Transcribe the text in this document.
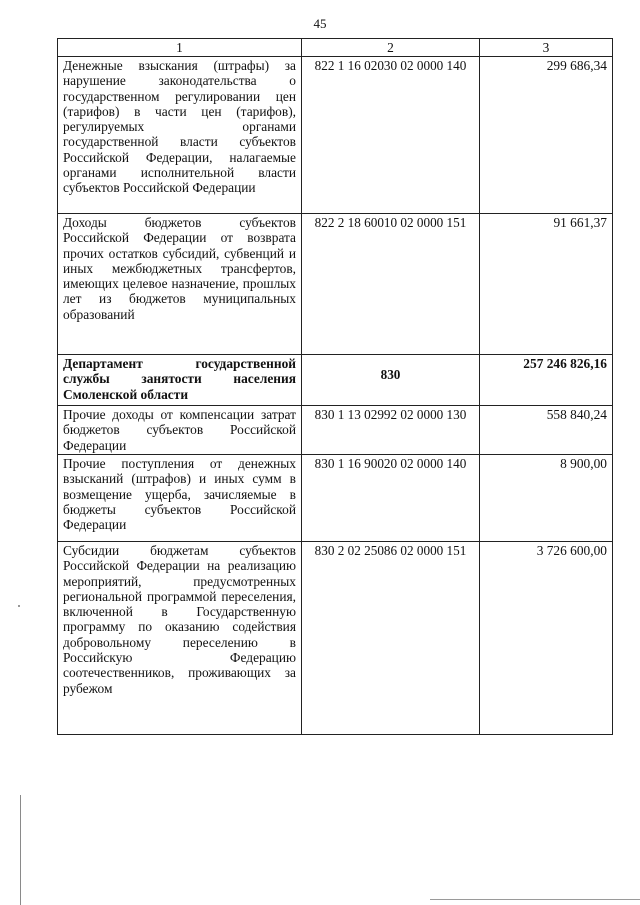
45
1	2	3
Денежные взыскания (штрафы) за нарушение законодательства о государственном регулировании цен (тарифов) в части цен (тарифов), регулируемых органами государственной власти субъектов Российской Федерации, налагаемые органами исполнительной власти субъектов Российской Федерации	822 1 16 02030 02 0000 140	299 686,34
Доходы бюджетов субъектов Российской Федерации от возврата прочих остатков субсидий, субвенций и иных межбюджетных трансфертов, имеющих целевое назначение, прошлых лет из бюджетов муниципальных образований	822 2 18 60010 02 0000 151	91 661,37
Департамент государственной службы занятости населения Смоленской области	830	257 246 826,16
Прочие доходы от компенсации затрат бюджетов субъектов Российской Федерации	830 1 13 02992 02 0000 130	558 840,24
Прочие поступления от денежных взысканий (штрафов) и иных сумм в возмещение ущерба, зачисляемые в бюджеты субъектов Российской Федерации	830 1 16 90020 02 0000 140	8 900,00
Субсидии бюджетам субъектов Российской Федерации на реализацию мероприятий, предусмотренных региональной программой переселения, включенной в Государственную программу по оказанию содействия добровольному переселению в Российскую Федерацию соотечественников, проживающих за рубежом	830 2 02 25086 02 0000 151	3 726 600,00
